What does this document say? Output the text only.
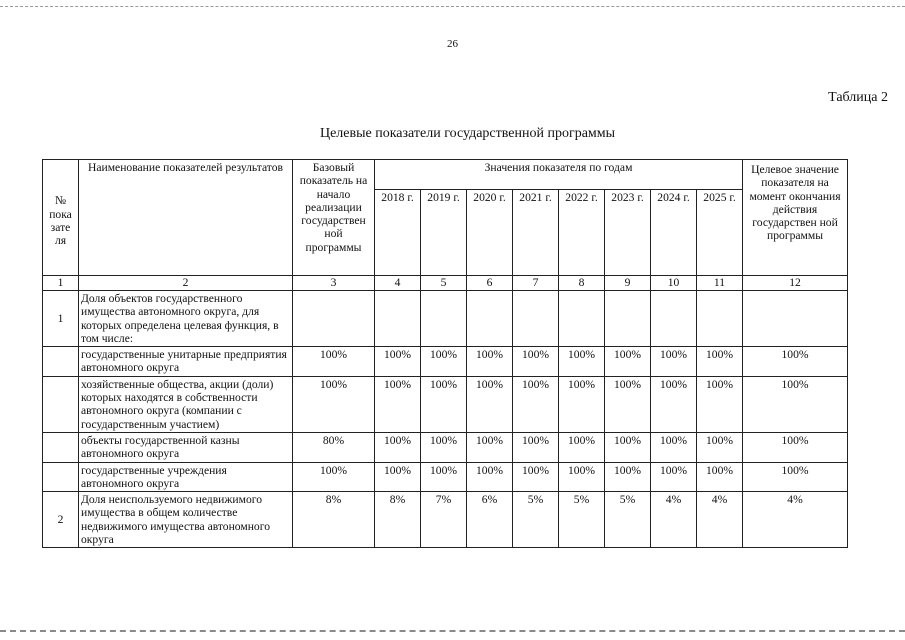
26
Таблица 2
Целевые показатели государственной программы
№ пока зате ля	Наименование показателей результатов	Базовый показатель на начало реализации государствен ной программы	Значения показателя по годам								Целевое значение показателя на момент окончания действия государствен ной программы
			2018 г.	2019 г.	2020 г.	2021 г.	2022 г.	2023 г.	2024 г.	2025 г.	
1	2	3	4	5	6	7	8	9	10	11	12
1	Доля объектов государственного имущества автономного округа, для которых определена целевая функция, в том числе:										
	государственные унитарные предприятия автономного округа	100%	100%	100%	100%	100%	100%	100%	100%	100%	100%
	хозяйственные общества, акции (доли) которых находятся в собственности автономного округа (компании с государственным участием)	100%	100%	100%	100%	100%	100%	100%	100%	100%	100%
	объекты государственной казны автономного округа	80%	100%	100%	100%	100%	100%	100%	100%	100%	100%
	государственные учреждения автономного округа	100%	100%	100%	100%	100%	100%	100%	100%	100%	100%
2	Доля неиспользуемого недвижимого имущества в общем количестве недвижимого имущества автономного округа	8%	8%	7%	6%	5%	5%	5%	4%	4%	4%
